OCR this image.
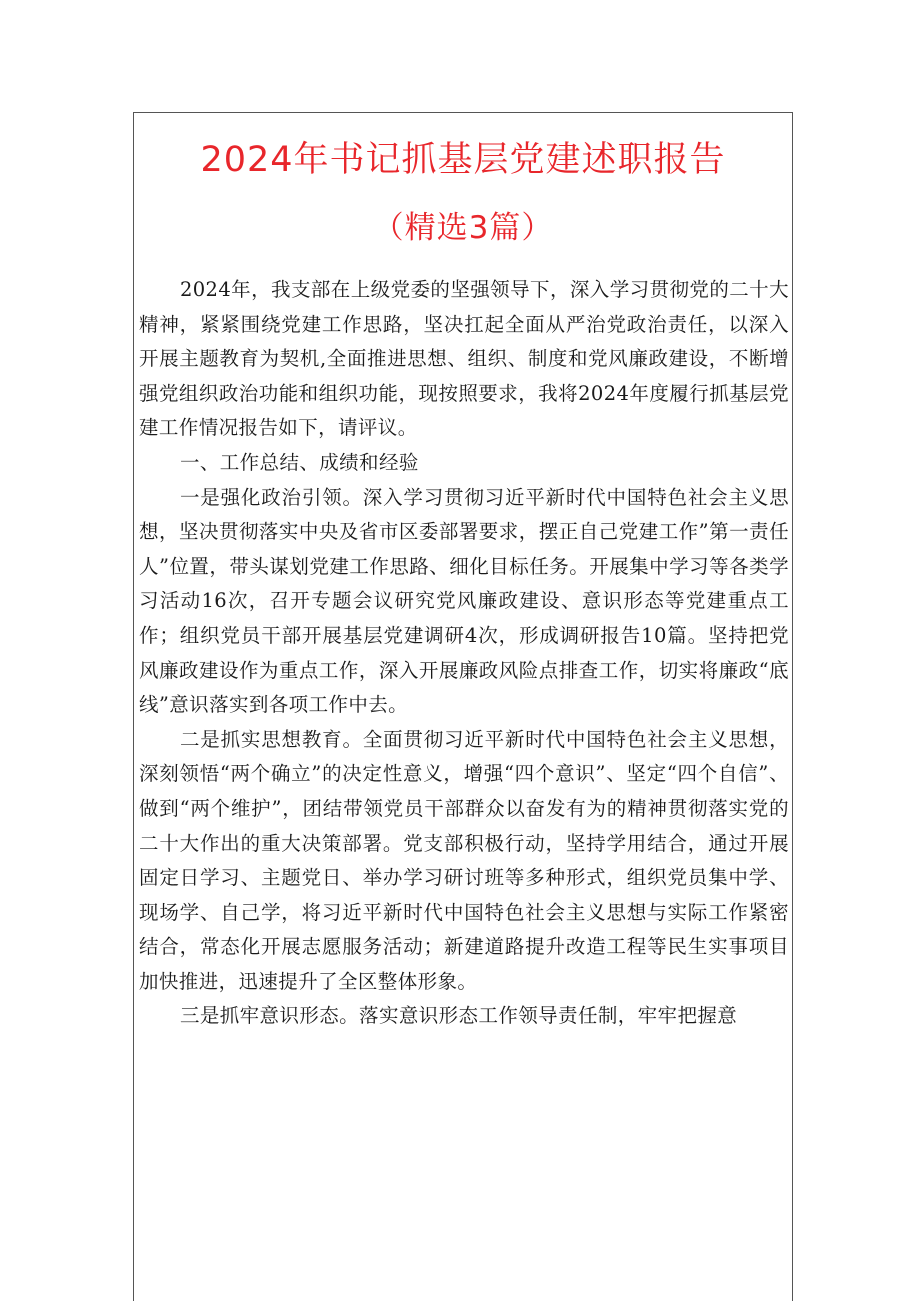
2024年书记抓基层党建述职报告
（精选3篇）

2024年，我支部在上级党委的坚强领导下，深入学习贯彻党的二十大精神，紧紧围绕党建工作思路，坚决扛起全面从严治党政治责任，以深入开展主题教育为契机,全面推进思想、组织、制度和党风廉政建设，不断增强党组织政治功能和组织功能，现按照要求，我将2024年度履行抓基层党建工作情况报告如下，请评议。

一、工作总结、成绩和经验

一是强化政治引领。深入学习贯彻习近平新时代中国特色社会主义思想，坚决贯彻落实中央及省市区委部署要求，摆正自己党建工作”第一责任人”位置，带头谋划党建工作思路、细化目标任务。开展集中学习等各类学习活动16次，召开专题会议研究党风廉政建设、意识形态等党建重点工作；组织党员干部开展基层党建调研4次，形成调研报告10篇。坚持把党风廉政建设作为重点工作，深入开展廉政风险点排查工作，切实将廉政“底线”意识落实到各项工作中去。

二是抓实思想教育。全面贯彻习近平新时代中国特色社会主义思想，深刻领悟“两个确立”的决定性意义，增强“四个意识”、坚定“四个自信”、做到“两个维护”，团结带领党员干部群众以奋发有为的精神贯彻落实党的二十大作出的重大决策部署。党支部积极行动，坚持学用结合，通过开展固定日学习、主题党日、举办学习研讨班等多种形式，组织党员集中学、现场学、自己学，将习近平新时代中国特色社会主义思想与实际工作紧密结合，常态化开展志愿服务活动；新建道路提升改造工程等民生实事项目加快推进，迅速提升了全区整体形象。

三是抓牢意识形态。落实意识形态工作领导责任制，牢牢把握意
